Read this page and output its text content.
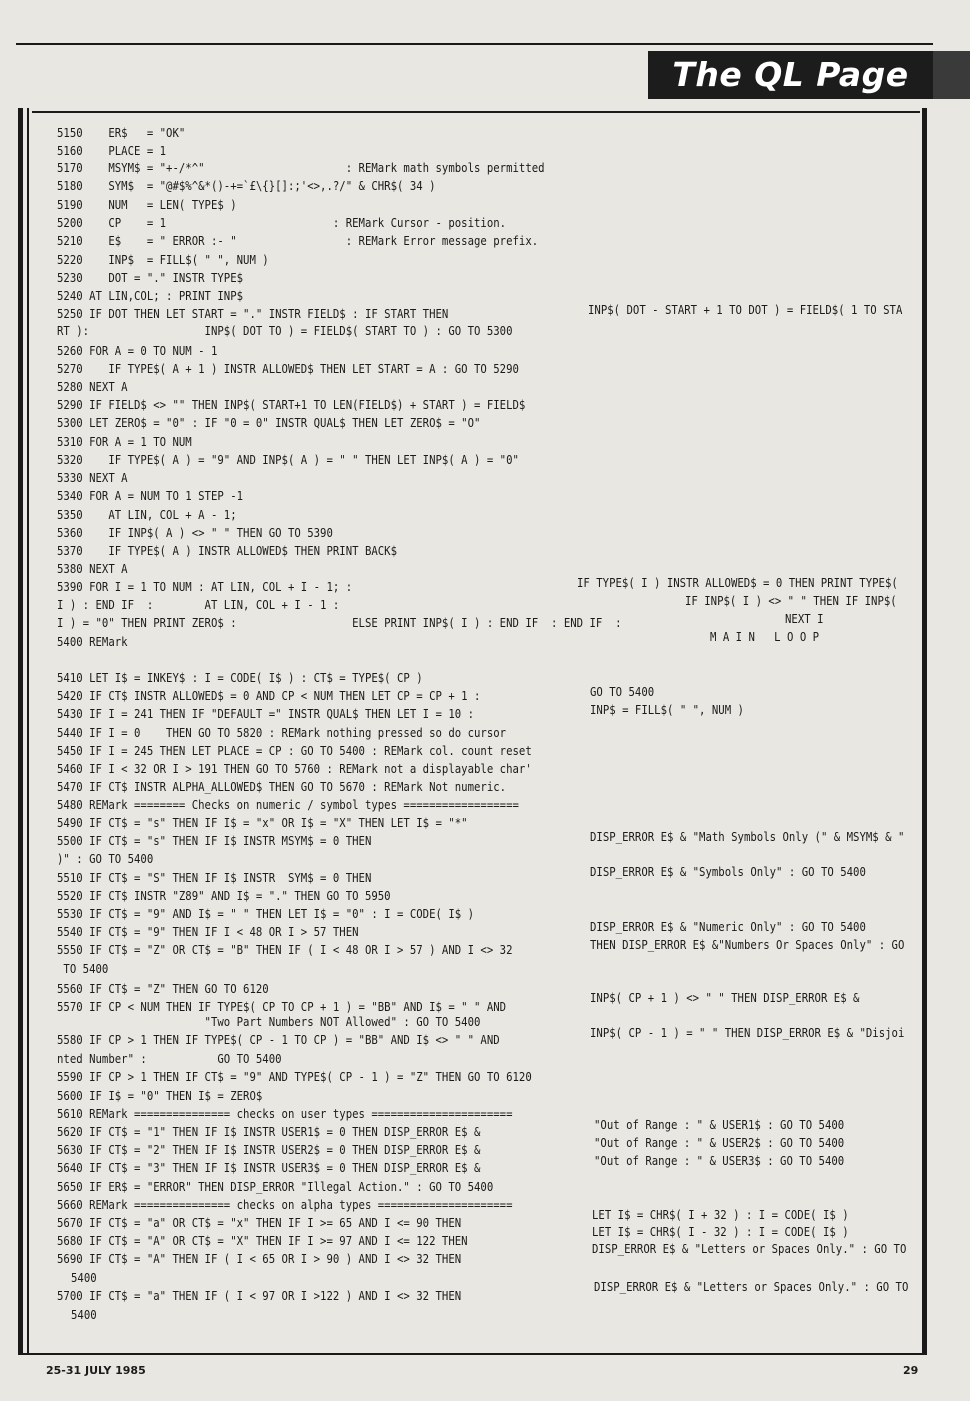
The QL Page
5150    ER$   = "OK"
5160    PLACE = 1
5170    MSYM$ = "+-/*^"                      : REMark math symbols permitted
5180    SYM$  = "@#$%^&*()-+=`£\{}[]:;'<>,.?/" & CHR$( 34 )
5190    NUM   = LEN( TYPE$ )
5200    CP    = 1                          : REMark Cursor - position.
5210    E$    = " ERROR :- "                 : REMark Error message prefix.
5220    INP$  = FILL$( " ", NUM )
5230    DOT = "." INSTR TYPE$
5240 AT LIN,COL; : PRINT INP$
5250 IF DOT THEN LET START = "." INSTR FIELD$ : IF START THEN	INP$( DOT - START + 1 TO DOT ) = FIELD$( 1 TO STA
RT ):                  INP$( DOT TO ) = FIELD$( START TO ) : GO TO 5300
5260 FOR A = 0 TO NUM - 1
5270    IF TYPE$( A + 1 ) INSTR ALLOWED$ THEN LET START = A : GO TO 5290
5280 NEXT A
5290 IF FIELD$ <> "" THEN INP$( START+1 TO LEN(FIELD$) + START ) = FIELD$
5300 LET ZERO$ = "0" : IF "0 = 0" INSTR QUAL$ THEN LET ZERO$ = "O"
5310 FOR A = 1 TO NUM
5320    IF TYPE$( A ) = "9" AND INP$( A ) = " " THEN LET INP$( A ) = "0"
5330 NEXT A
5340 FOR A = NUM TO 1 STEP -1
5350    AT LIN, COL + A - 1;
5360    IF INP$( A ) <> " " THEN GO TO 5390
5370    IF TYPE$( A ) INSTR ALLOWED$ THEN PRINT BACK$
5380 NEXT A
5390 FOR I = 1 TO NUM : AT LIN, COL + I - 1; :	IF TYPE$( I ) INSTR ALLOWED$ = 0 THEN PRINT TYPE$(
IF INP$( I ) <> " " THEN IF INP$(
I ) : END IF  :        AT LIN, COL + I - 1 :
NEXT I
I ) = "0" THEN PRINT ZERO$ :                  ELSE PRINT INP$( I ) : END IF  : END IF  :
M A I N   L O O P
5400 REMark
5410 LET I$ = INKEY$ : I = CODE( I$ ) : CT$ = TYPE$( CP )
5420 IF CT$ INSTR ALLOWED$ = 0 AND CP < NUM THEN LET CP = CP + 1 :	GO TO 5400
INP$ = FILL$( " ", NUM )
5430 IF I = 241 THEN IF "DEFAULT =" INSTR QUAL$ THEN LET I = 10 :
5440 IF I = 0    THEN GO TO 5820 : REMark nothing pressed so do cursor
5450 IF I = 245 THEN LET PLACE = CP : GO TO 5400 : REMark col. count reset
5460 IF I < 32 OR I > 191 THEN GO TO 5760 : REMark not a displayable char'
5470 IF CT$ INSTR ALPHA_ALLOWED$ THEN GO TO 5670 : REMark Not numeric.
5480 REMark ======== Checks on numeric / symbol types ==================
5490 IF CT$ = "s" THEN IF I$ = "x" OR I$ = "X" THEN LET I$ = "*"
5500 IF CT$ = "s" THEN IF I$ INSTR MSYM$ = 0 THEN	DISP_ERROR E$ & "Math Symbols Only (" & MSYM$ & "
)" : GO TO 5400
5510 IF CT$ = "S" THEN IF I$ INSTR  SYM$ = 0 THEN	DISP_ERROR E$ & "Symbols Only" : GO TO 5400
5520 IF CT$ INSTR "Z89" AND I$ = "." THEN GO TO 5950
5530 IF CT$ = "9" AND I$ = " " THEN LET I$ = "0" : I = CODE( I$ )
5540 IF CT$ = "9" THEN IF I < 48 OR I > 57 THEN	DISP_ERROR E$ & "Numeric Only" : GO TO 5400
THEN DISP_ERROR E$ &"Numbers Or Spaces Only" : GO
5550 IF CT$ = "Z" OR CT$ = "B" THEN IF ( I < 48 OR I > 57 ) AND I <> 32
TO 5400
5560 IF CT$ = "Z" THEN GO TO 6120
5570 IF CP < NUM THEN IF TYPE$( CP TO CP + 1 ) = "BB" AND I$ = " " AND
INP$( CP + 1 ) <> " " THEN DISP_ERROR E$ &
"Two Part Numbers NOT Allowed" : GO TO 5400
5580 IF CP > 1 THEN IF TYPE$( CP - 1 TO CP ) = "BB" AND I$ <> " " AND	INP$( CP - 1 ) = " " THEN DISP_ERROR E$ & "Disjoi
nted Number" :           GO TO 5400
5590 IF CP > 1 THEN IF CT$ = "9" AND TYPE$( CP - 1 ) = "Z" THEN GO TO 6120
5600 IF I$ = "0" THEN I$ = ZERO$
5610 REMark =============== checks on user types ======================
5620 IF CT$ = "1" THEN IF I$ INSTR USER1$ = 0 THEN DISP_ERROR E$ &	"Out of Range : " & USER1$ : GO TO 5400
5630 IF CT$ = "2" THEN IF I$ INSTR USER2$ = 0 THEN DISP_ERROR E$ &	"Out of Range : " & USER2$ : GO TO 5400
5640 IF CT$ = "3" THEN IF I$ INSTR USER3$ = 0 THEN DISP_ERROR E$ &	"Out of Range : " & USER3$ : GO TO 5400
5650 IF ER$ = "ERROR" THEN DISP_ERROR "Illegal Action." : GO TO 5400
5660 REMark =============== checks on alpha types =====================
5670 IF CT$ = "a" OR CT$ = "x" THEN IF I >= 65 AND I <= 90 THEN
LET I$ = CHR$( I + 32 ) : I = CODE( I$ )
5680 IF CT$ = "A" OR CT$ = "X" THEN IF I >= 97 AND I <= 122 THEN
LET I$ = CHR$( I - 32 ) : I = CODE( I$ )
5690 IF CT$ = "A" THEN IF ( I < 65 OR I > 90 ) AND I <> 32 THEN
DISP_ERROR E$ & "Letters or Spaces Only." : GO TO
5400
5700 IF CT$ = "a" THEN IF ( I < 97 OR I >122 ) AND I <> 32 THEN
DISP_ERROR E$ & "Letters or Spaces Only." : GO TO
5400
25-31 JULY 1985	29
